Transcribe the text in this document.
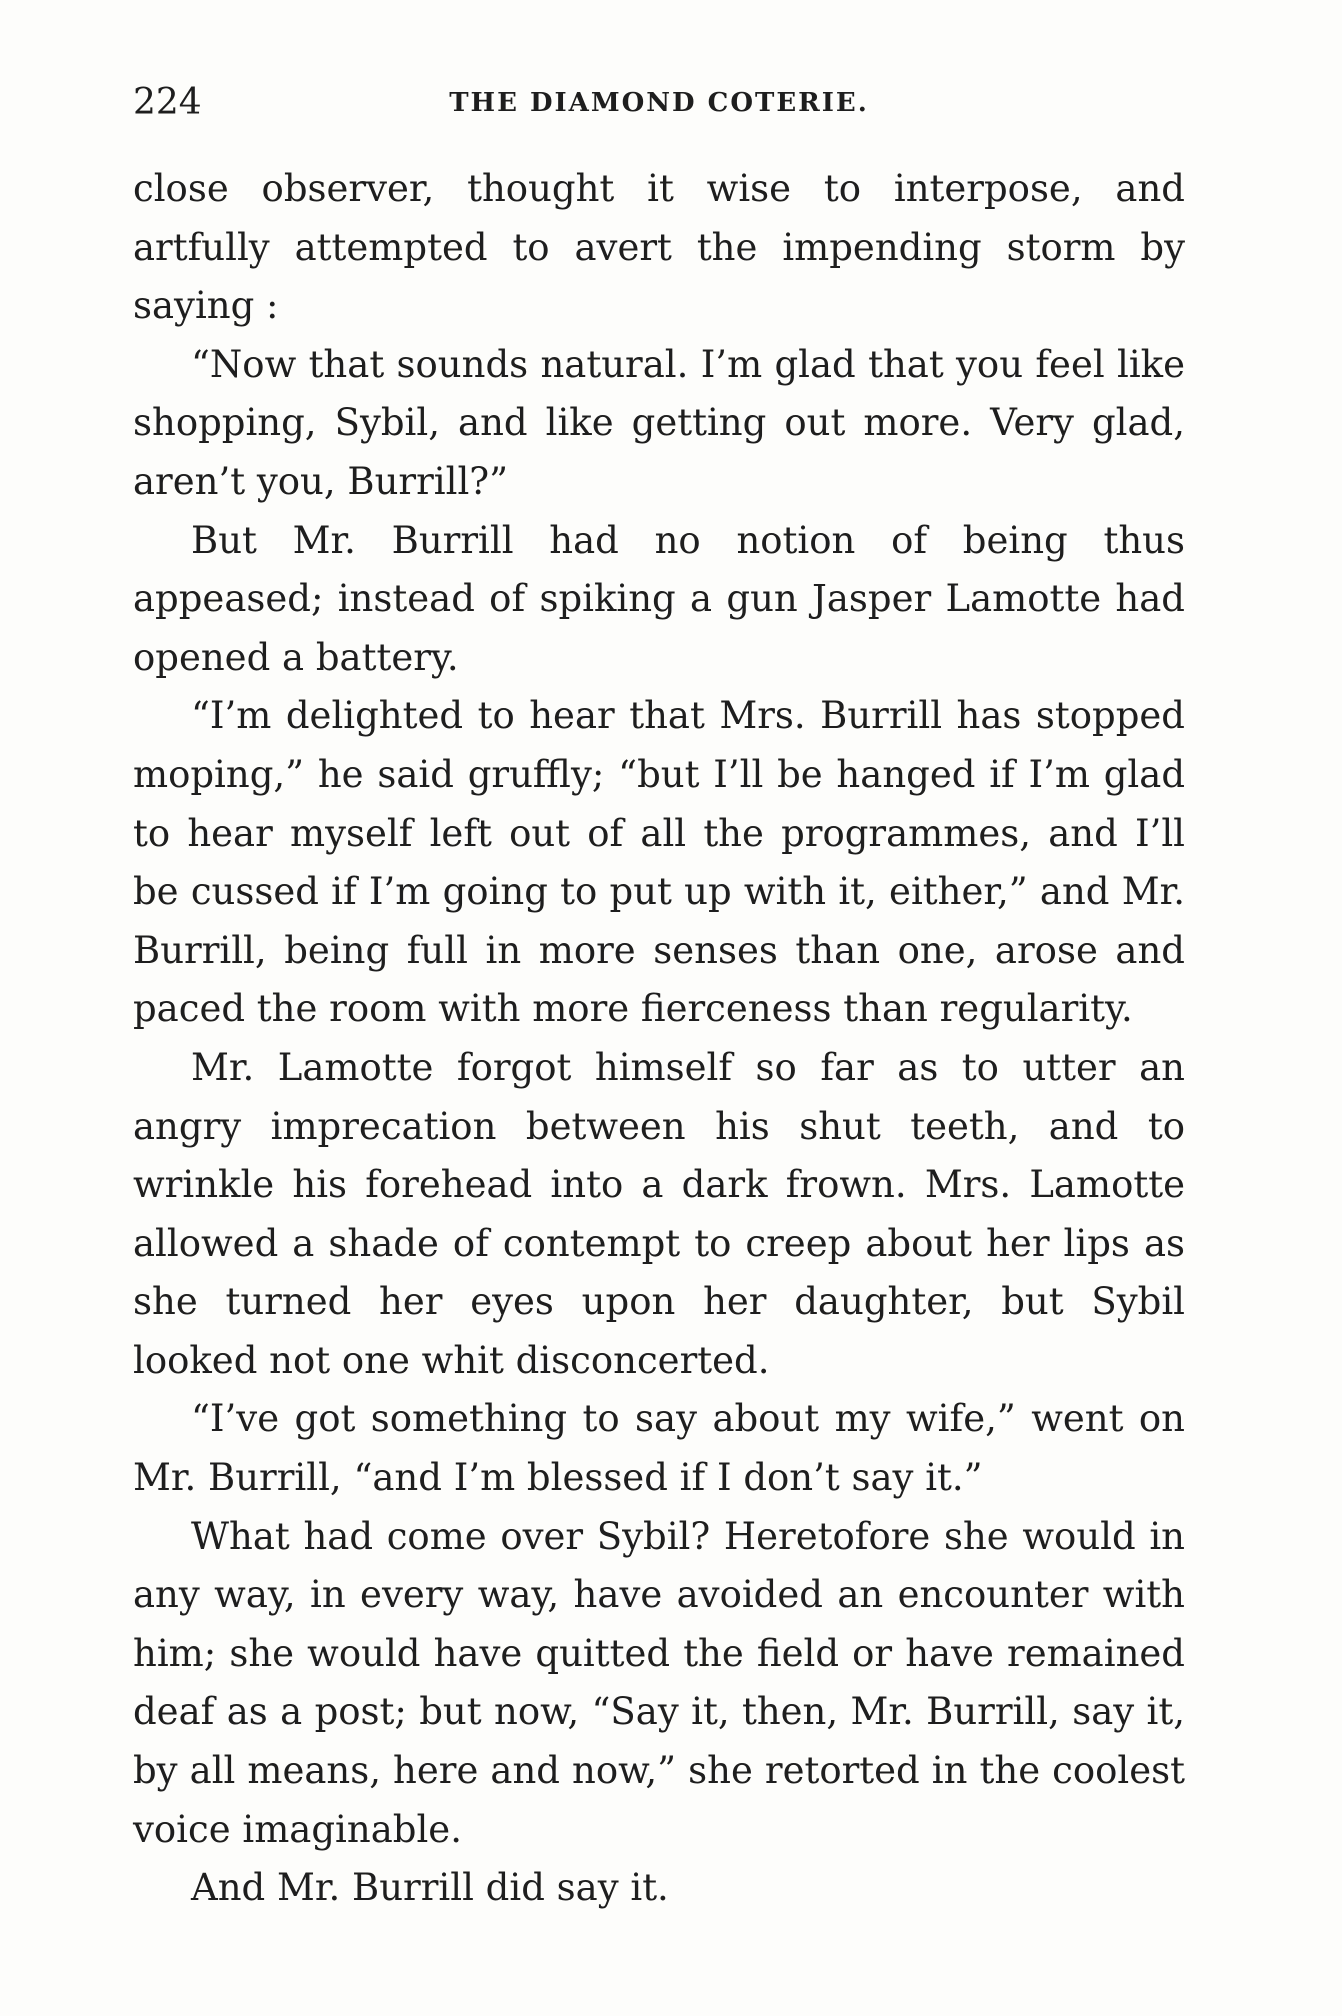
224	THE DIAMOND COTERIE.

close observer, thought it wise to interpose, and artfully attempted to avert the impending storm by saying :

“Now that sounds natural. I’m glad that you feel like shopping, Sybil, and like getting out more. Very glad, aren’t you, Burrill?”

But Mr. Burrill had no notion of being thus appeased; instead of spiking a gun Jasper Lamotte had opened a battery.

“I’m delighted to hear that Mrs. Burrill has stopped moping,” he said gruffly; “but I’ll be hanged if I’m glad to hear myself left out of all the programmes, and I’ll be cussed if I’m going to put up with it, either,” and Mr. Burrill, being full in more senses than one, arose and paced the room with more fierceness than regularity.

Mr. Lamotte forgot himself so far as to utter an angry imprecation between his shut teeth, and to wrinkle his forehead into a dark frown. Mrs. Lamotte allowed a shade of contempt to creep about her lips as she turned her eyes upon her daughter, but Sybil looked not one whit disconcerted.

“I’ve got something to say about my wife,” went on Mr. Burrill, “and I’m blessed if I don’t say it.”

What had come over Sybil? Heretofore she would in any way, in every way, have avoided an encounter with him; she would have quitted the field or have remained deaf as a post; but now, “Say it, then, Mr. Burrill, say it, by all means, here and now,” she retorted in the coolest voice imaginable.

And Mr. Burrill did say it.
